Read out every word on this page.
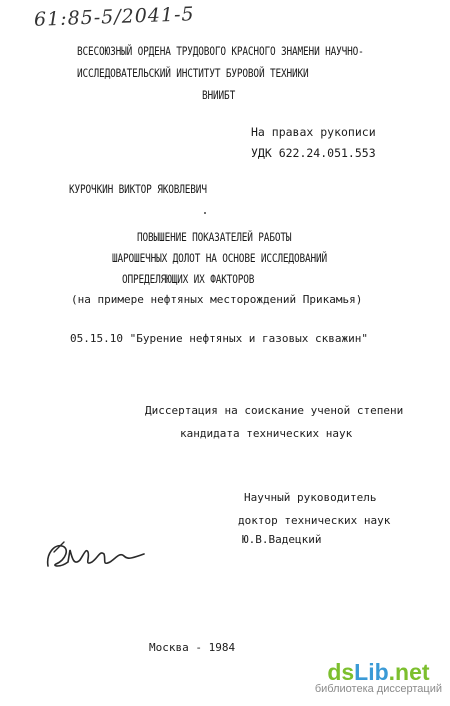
61:85-5/2041-5
ВСЕСОЮЗНЫЙ ОРДЕНА ТРУДОВОГО КРАСНОГО ЗНАМЕНИ НАУЧНО-
ИССЛЕДОВАТЕЛЬСКИЙ ИНСТИТУТ БУРОВОЙ ТЕХНИКИ
ВНИИБТ
На правах рукописи
УДК 622.24.051.553
КУРОЧКИН ВИКТОР ЯКОВЛЕВИЧ
ПОВЫШЕНИЕ ПОКАЗАТЕЛЕЙ РАБОТЫ
ШАРОШЕЧНЫХ ДОЛОТ НА ОСНОВЕ ИССЛЕДОВАНИЙ
ОПРЕДЕЛЯЮЩИХ ИХ ФАКТОРОВ
(на примере нефтяных месторождений Прикамья)
05.15.10 "Бурение нефтяных и газовых скважин"
Диссертация на соискание ученой степени
кандидата технических наук
Научный руководитель
доктор технических наук
Ю.В.Вадецкий
Москва - 1984
dsLib.net
библиотека диссертаций
